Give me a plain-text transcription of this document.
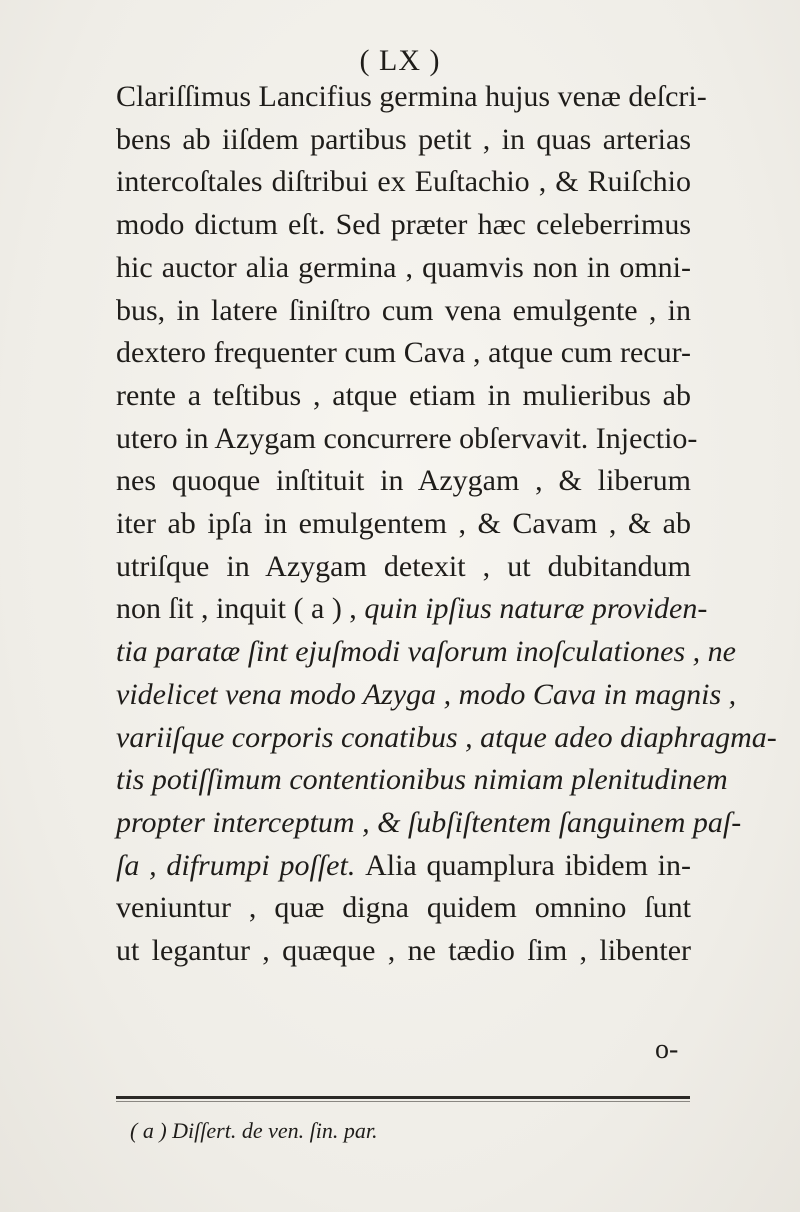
( LX )
Clariſſimus Lancifius germina hujus venæ deſcri-
bens ab iiſdem partibus petit , in quas arterias
intercoſtales diſtribui ex Euſtachio , & Ruiſchio
modo dictum eſt. Sed præter hæc celeberrimus
hic auctor alia germina , quamvis non in omni-
bus, in latere ſiniſtro cum vena emulgente , in
dextero frequenter cum Cava , atque cum recur-
rente a teſtibus , atque etiam in mulieribus ab
utero in Azygam concurrere obſervavit. Injectio-
nes quoque inſtituit in Azygam , & liberum
iter ab ipſa in emulgentem , & Cavam , & ab
utriſque in Azygam detexit , ut dubitandum
non ſit , inquit ( a ) , quin ipſius naturæ providen-
tia paratæ ſint ejuſmodi vaſorum inoſculationes , ne
videlicet vena modo Azyga , modo Cava in magnis ,
variiſque corporis conatibus , atque adeo diaphragma-
tis potiſſimum contentionibus nimiam plenitudinem
propter interceptum , & ſubſiſtentem ſanguinem paſ-
ſa , difrumpi poſſet. Alia quamplura ibidem in-
veniuntur , quæ digna quidem omnino ſunt
ut legantur , quæque , ne tædio ſim , libenter
o-
( a ) Diſſert. de ven. ſin. par.
